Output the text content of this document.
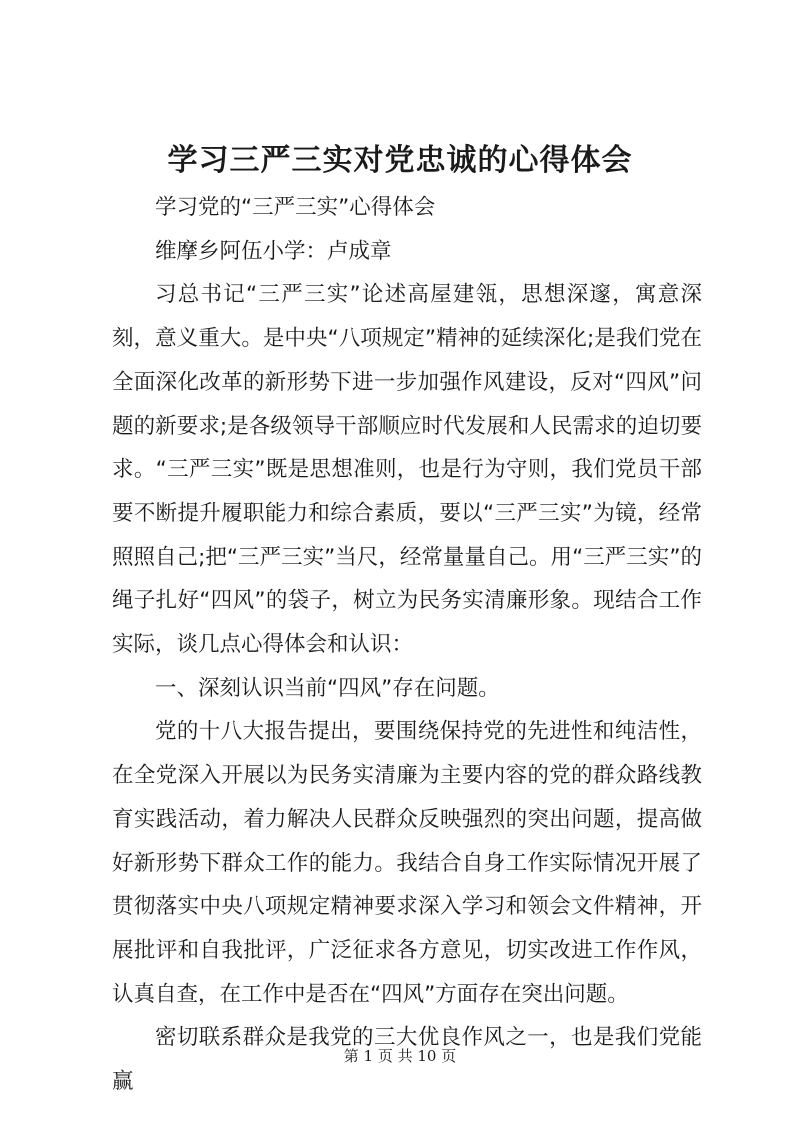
学习三严三实对党忠诚的心得体会

学习党的“三严三实”心得体会

维摩乡阿伍小学：卢成章

习总书记“三严三实”论述高屋建瓴，思想深邃，寓意深刻，意义重大。是中央“八项规定”精神的延续深化;是我们党在全面深化改革的新形势下进一步加强作风建设，反对“四风”问题的新要求;是各级领导干部顺应时代发展和人民需求的迫切要求。“三严三实”既是思想准则，也是行为守则，我们党员干部要不断提升履职能力和综合素质，要以“三严三实”为镜，经常照照自己;把“三严三实”当尺，经常量量自己。用“三严三实”的绳子扎好“四风”的袋子，树立为民务实清廉形象。现结合工作实际，谈几点心得体会和认识：

一、深刻认识当前“四风”存在问题。

党的十八大报告提出，要围绕保持党的先进性和纯洁性，在全党深入开展以为民务实清廉为主要内容的党的群众路线教育实践活动，着力解决人民群众反映强烈的突出问题，提高做好新形势下群众工作的能力。我结合自身工作实际情况开展了贯彻落实中央八项规定精神要求深入学习和领会文件精神，开展批评和自我批评，广泛征求各方意见，切实改进工作作风，认真自查，在工作中是否在“四风”方面存在突出问题。

密切联系群众是我党的三大优良作风之一，也是我们党能赢

第 1 页 共 10 页
